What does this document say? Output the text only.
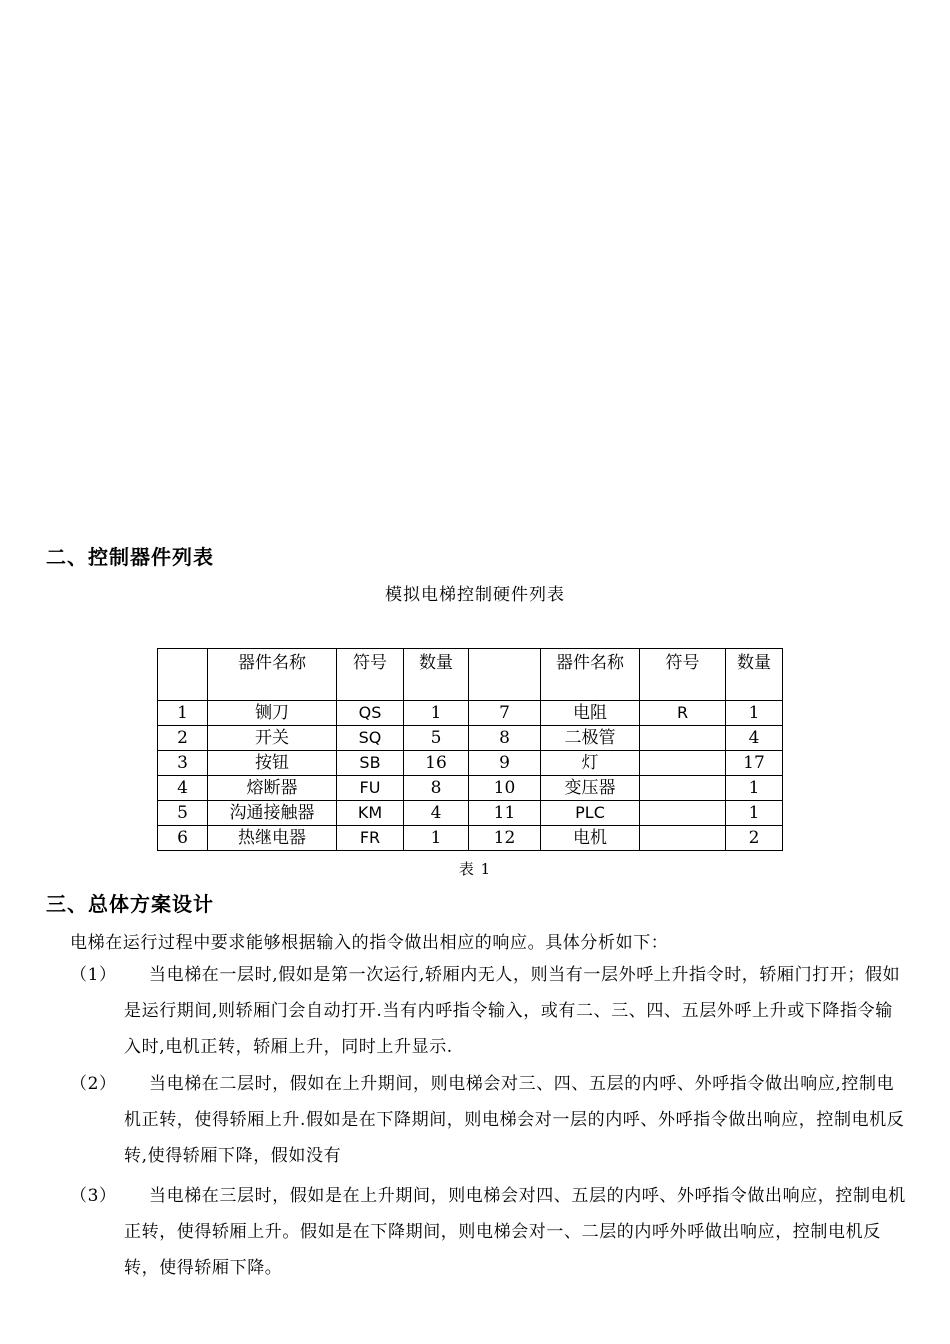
二、控制器件列表
模拟电梯控制硬件列表
	器件名称	符号	数量		器件名称	符号	数量
1	铡刀	QS	1	7	电阻	R	1
2	开关	SQ	5	8	二极管		4
3	按钮	SB	16	9	灯		17
4	熔断器	FU	8	10	变压器		1
5	沟通接触器	KM	4	11	PLC		1
6	热继电器	FR	1	12	电机		2
表 1
三、总体方案设计
电梯在运行过程中要求能够根据输入的指令做出相应的响应。具体分析如下：
（1）	当电梯在一层时,假如是第一次运行,轿厢内无人，则当有一层外呼上升指令时，轿厢门打开；假如是运行期间,则轿厢门会自动打开.当有内呼指令输入，或有二、三、四、五层外呼上升或下降指令输入时,电机正转，轿厢上升，同时上升显示.
（2）	当电梯在二层时，假如在上升期间，则电梯会对三、四、五层的内呼、外呼指令做出响应,控制电机正转，使得轿厢上升.假如是在下降期间，则电梯会对一层的内呼、外呼指令做出响应，控制电机反转,使得轿厢下降，假如没有
（3）	当电梯在三层时，假如是在上升期间，则电梯会对四、五层的内呼、外呼指令做出响应，控制电机正转，使得轿厢上升。假如是在下降期间，则电梯会对一、二层的内呼外呼做出响应，控制电机反转，使得轿厢下降。
